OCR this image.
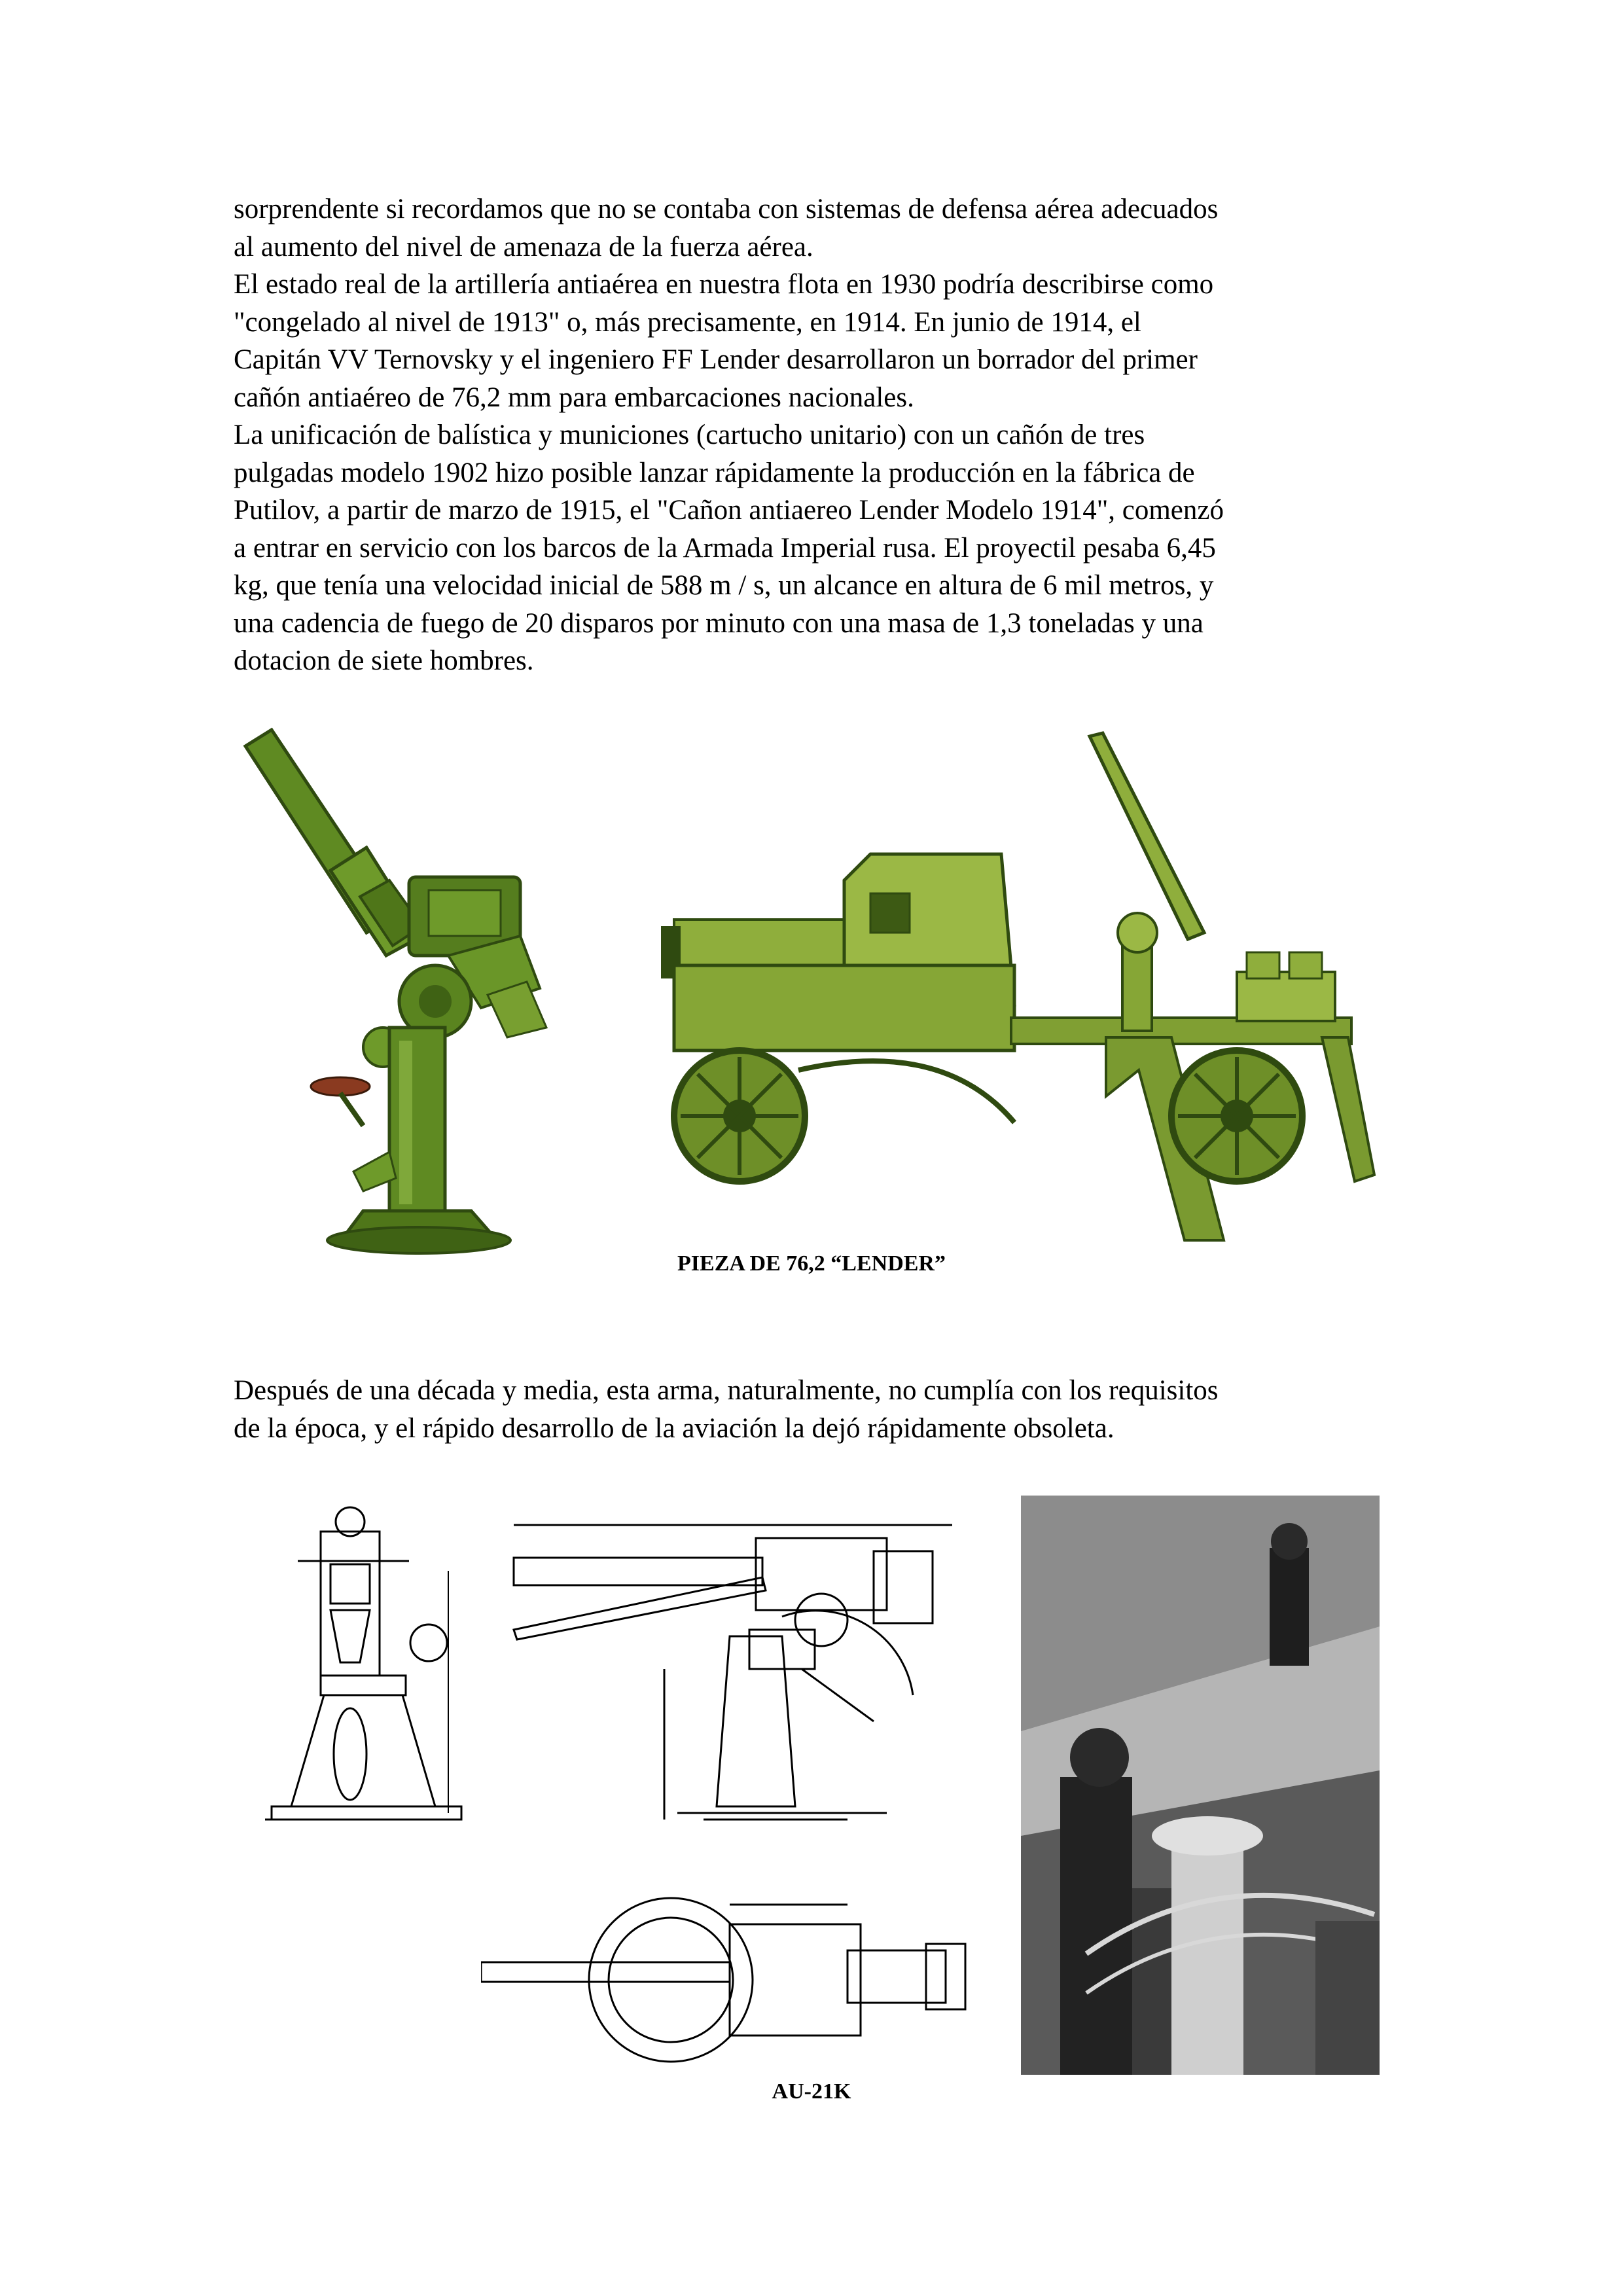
sorprendente si recordamos que no se contaba con sistemas de defensa aérea adecuados
al aumento del nivel de amenaza de la fuerza aérea.
El estado real de la artillería antiaérea en nuestra flota en 1930 podría describirse como
"congelado al nivel de 1913" o, más precisamente, en 1914. En junio de 1914, el
Capitán VV Ternovsky y el ingeniero FF Lender desarrollaron un borrador del primer
cañón antiaéreo de 76,2 mm para embarcaciones nacionales.
La unificación de balística y municiones (cartucho unitario) con un cañón de tres
pulgadas modelo 1902 hizo posible lanzar rápidamente la producción en la fábrica de
Putilov, a partir de marzo de 1915, el "Cañon antiaereo Lender Modelo 1914", comenzó
a entrar en servicio con los barcos de la Armada Imperial rusa. El proyectil pesaba 6,45
kg, que tenía una velocidad inicial de 588 m / s, un alcance en altura de 6 mil metros, y
una cadencia de fuego de 20 disparos por minuto con una masa de 1,3 toneladas y una
dotacion de siete hombres.
PIEZA DE 76,2 “LENDER”
Después de una década y media, esta arma, naturalmente, no cumplía con los requisitos
de la época, y el rápido desarrollo de la aviación la dejó rápidamente obsoleta.
AU-21K
